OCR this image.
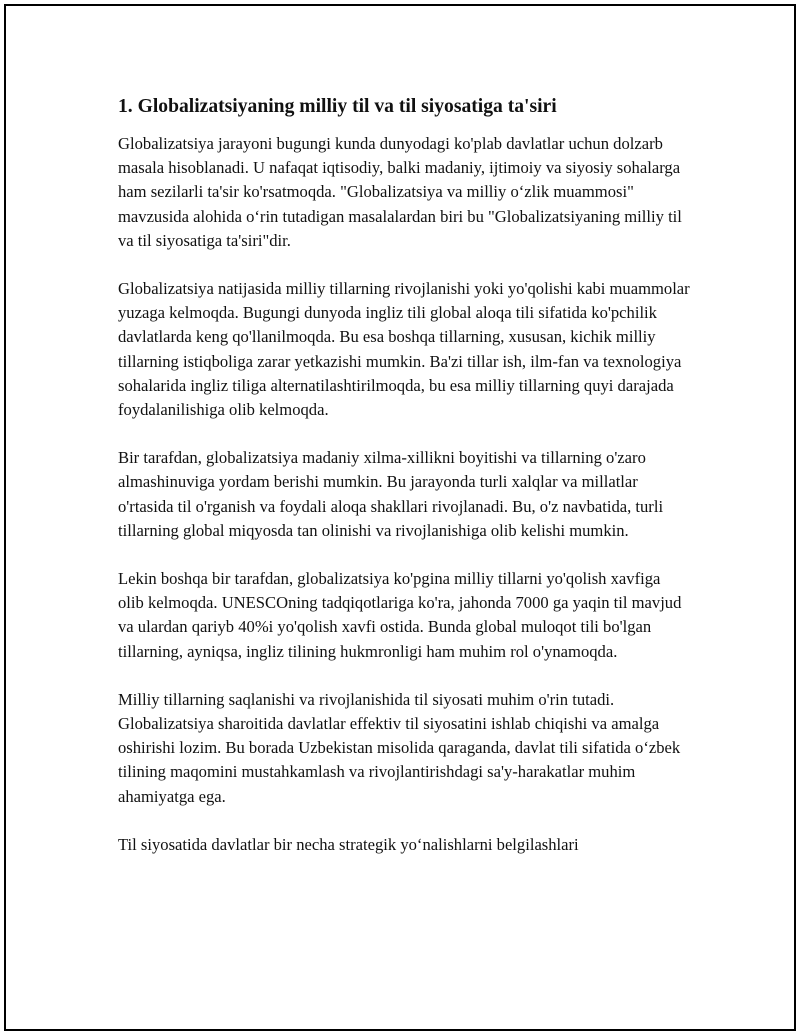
1. Globalizatsiyaning milliy til va til siyosatiga ta'siri

Globalizatsiya jarayoni bugungi kunda dunyodagi ko'plab davlatlar uchun dolzarb masala hisoblanadi. U nafaqat iqtisodiy, balki madaniy, ijtimoiy va siyosiy sohalarga ham sezilarli ta'sir ko'rsatmoqda. "Globalizatsiya va milliy o‘zlik muammosi" mavzusida alohida o‘rin tutadigan masalalardan biri bu "Globalizatsiyaning milliy til va til siyosatiga ta'siri"dir.

Globalizatsiya natijasida milliy tillarning rivojlanishi yoki yo'qolishi kabi muammolar yuzaga kelmoqda. Bugungi dunyoda ingliz tili global aloqa tili sifatida ko'pchilik davlatlarda keng qo'llanilmoqda. Bu esa boshqa tillarning, xususan, kichik milliy tillarning istiqboliga zarar yetkazishi mumkin. Ba'zi tillar ish, ilm-fan va texnologiya sohalarida ingliz tiliga alternatilashtirilmoqda, bu esa milliy tillarning quyi darajada foydalanilishiga olib kelmoqda.

Bir tarafdan, globalizatsiya madaniy xilma-xillikni boyitishi va tillarning o'zaro almashinuviga yordam berishi mumkin. Bu jarayonda turli xalqlar va millatlar o'rtasida til o'rganish va foydali aloqa shakllari rivojlanadi. Bu, o'z navbatida, turli tillarning global miqyosda tan olinishi va rivojlanishiga olib kelishi mumkin.

Lekin boshqa bir tarafdan, globalizatsiya ko'pgina milliy tillarni yo'qolish xavfiga olib kelmoqda. UNESCOning tadqiqotlariga ko'ra, jahonda 7000 ga yaqin til mavjud va ulardan qariyb 40%i yo'qolish xavfi ostida. Bunda global muloqot tili bo'lgan tillarning, ayniqsa, ingliz tilining hukmronligi ham muhim rol o'ynamoqda.

Milliy tillarning saqlanishi va rivojlanishida til siyosati muhim o'rin tutadi. Globalizatsiya sharoitida davlatlar effektiv til siyosatini ishlab chiqishi va amalga oshirishi lozim. Bu borada Uzbekistan misolida qaraganda, davlat tili sifatida o‘zbek tilining maqomini mustahkamlash va rivojlantirishdagi sa'y-harakatlar muhim ahamiyatga ega.

Til siyosatida davlatlar bir necha strategik yo‘nalishlarni belgilashlari
